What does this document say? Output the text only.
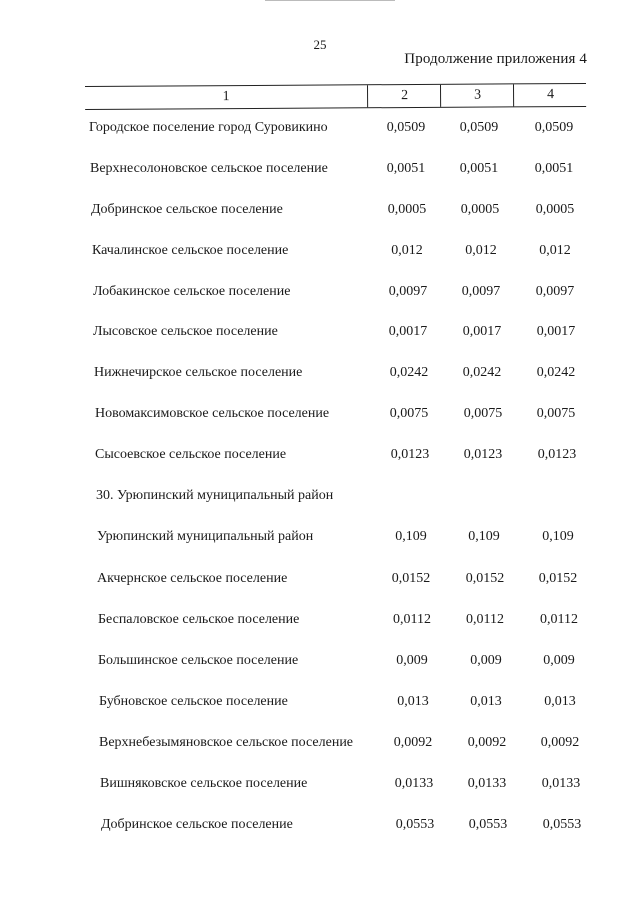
25
Продолжение приложения 4
1	2	3	4
Городское поселение город Суровикино	0,0509	0,0509	0,0509
Верхнесолоновское сельское поселение	0,0051	0,0051	0,0051
Добринское сельское поселение	0,0005	0,0005	0,0005
Качалинское сельское поселение	0,012	0,012	0,012
Лобакинское сельское поселение	0,0097	0,0097	0,0097
Лысовское сельское поселение	0,0017	0,0017	0,0017
Нижнечирское сельское поселение	0,0242	0,0242	0,0242
Новомаксимовское сельское поселение	0,0075	0,0075	0,0075
Сысоевское сельское поселение	0,0123	0,0123	0,0123
30. Урюпинский муниципальный район
Урюпинский муниципальный район	0,109	0,109	0,109
Акчернское сельское поселение	0,0152	0,0152	0,0152
Беспаловское сельское поселение	0,0112	0,0112	0,0112
Большинское сельское поселение	0,009	0,009	0,009
Бубновское сельское поселение	0,013	0,013	0,013
Верхнебезымяновское сельское поселение	0,0092	0,0092	0,0092
Вишняковское сельское поселение	0,0133	0,0133	0,0133
Добринское сельское поселение	0,0553	0,0553	0,0553
